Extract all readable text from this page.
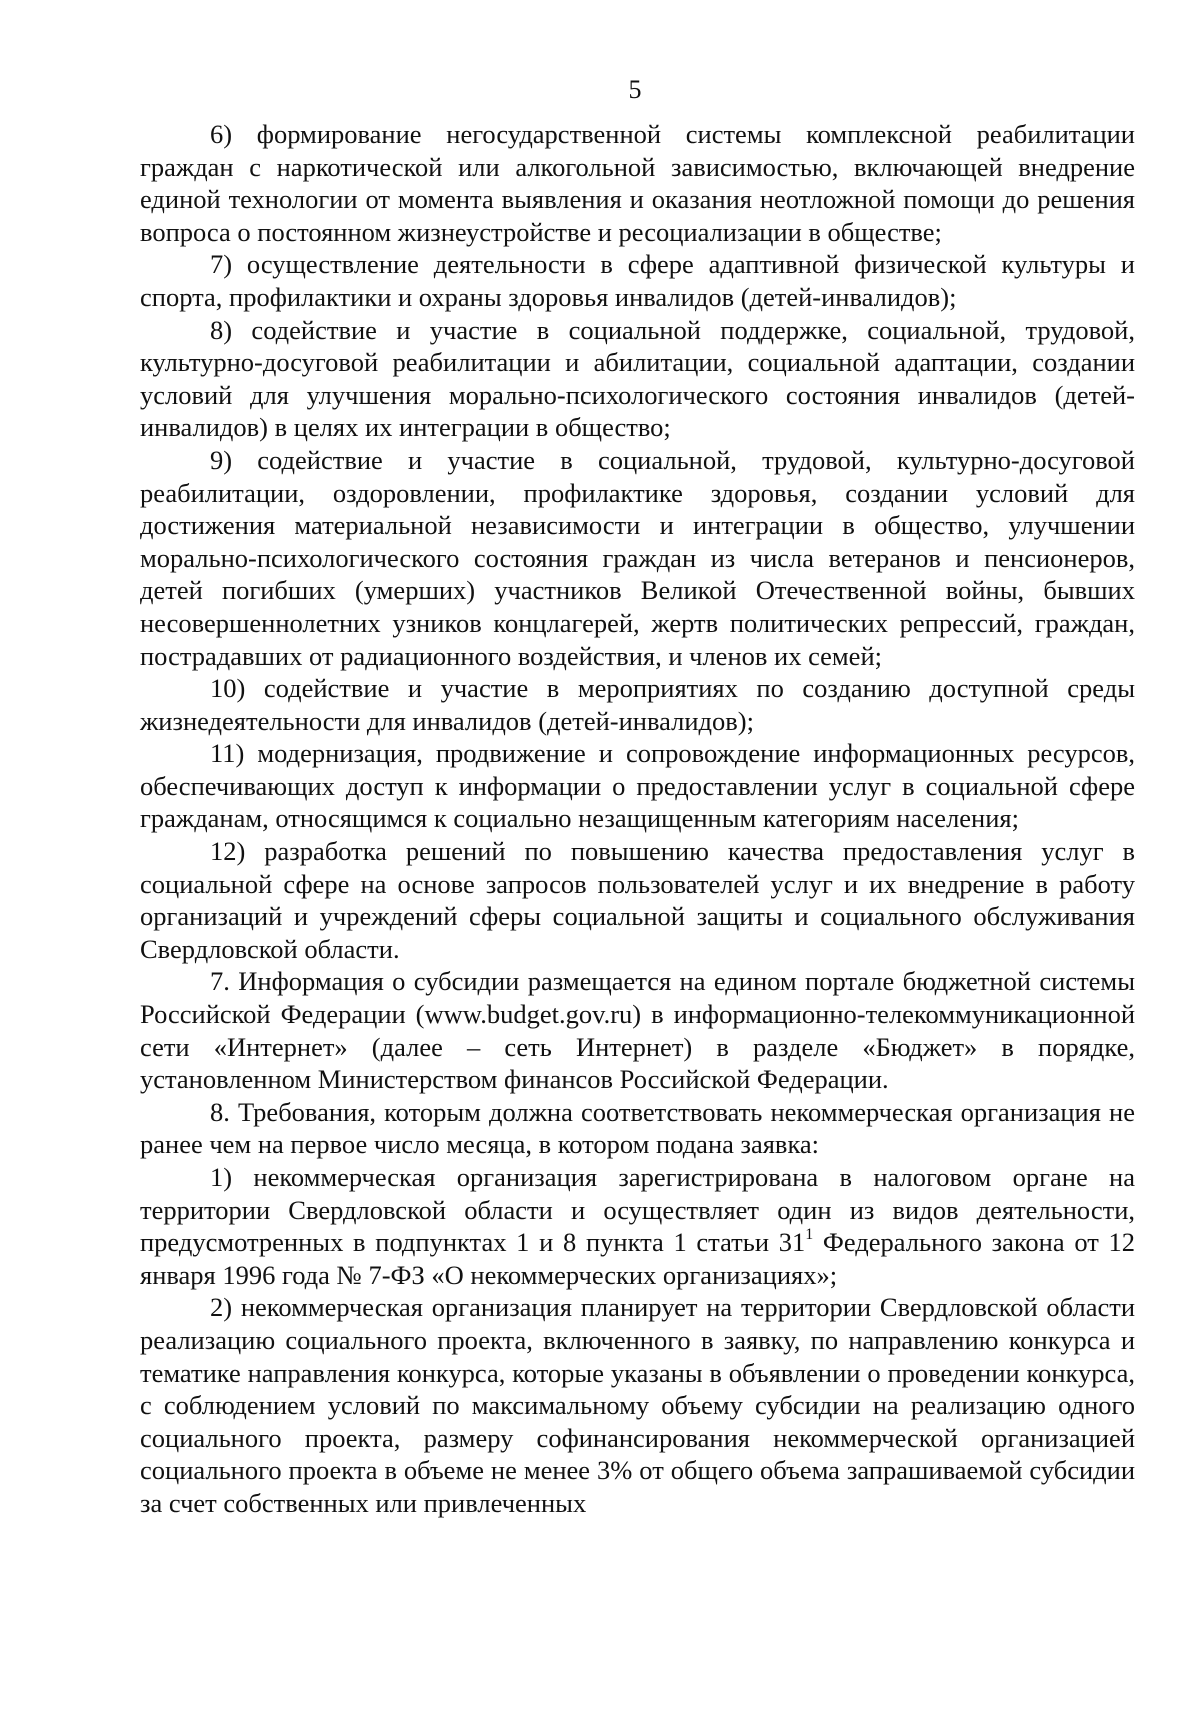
5

6) формирование негосударственной системы комплексной реабилитации граждан с наркотической или алкогольной зависимостью, включающей внедрение единой технологии от момента выявления и оказания неотложной помощи до решения вопроса о постоянном жизнеустройстве и ресоциализации в обществе;

7) осуществление деятельности в сфере адаптивной физической культуры и спорта, профилактики и охраны здоровья инвалидов (детей-инвалидов);

8) содействие и участие в социальной поддержке, социальной, трудовой, культурно-досуговой реабилитации и абилитации, социальной адаптации, создании условий для улучшения морально-психологического состояния инвалидов (детей-инвалидов) в целях их интеграции в общество;

9) содействие и участие в социальной, трудовой, культурно-досуговой реабилитации, оздоровлении, профилактике здоровья, создании условий для достижения материальной независимости и интеграции в общество, улучшении морально-психологического состояния граждан из числа ветеранов и пенсионеров, детей погибших (умерших) участников Великой Отечественной войны, бывших несовершеннолетних узников концлагерей, жертв политических репрессий, граждан, пострадавших от радиационного воздействия, и членов их семей;

10) содействие и участие в мероприятиях по созданию доступной среды жизнедеятельности для инвалидов (детей-инвалидов);

11) модернизация, продвижение и сопровождение информационных ресурсов, обеспечивающих доступ к информации о предоставлении услуг в социальной сфере гражданам, относящимся к социально незащищенным категориям населения;

12) разработка решений по повышению качества предоставления услуг в социальной сфере на основе запросов пользователей услуг и их внедрение в работу организаций и учреждений сферы социальной защиты и социального обслуживания Свердловской области.

7. Информация о субсидии размещается на едином портале бюджетной системы Российской Федерации (www.budget.gov.ru) в информационно-телекоммуникационной сети «Интернет» (далее – сеть Интернет) в разделе «Бюджет» в порядке, установленном Министерством финансов Российской Федерации.

8. Требования, которым должна соответствовать некоммерческая организация не ранее чем на первое число месяца, в котором подана заявка:

1) некоммерческая организация зарегистрирована в налоговом органе на территории Свердловской области и осуществляет один из видов деятельности, предусмотренных в подпунктах 1 и 8 пункта 1 статьи $31^1$ Федерального закона от 12 января 1996 года № 7-ФЗ «О некоммерческих организациях»;

2) некоммерческая организация планирует на территории Свердловской области реализацию социального проекта, включенного в заявку, по направлению конкурса и тематике направления конкурса, которые указаны в объявлении о проведении конкурса, с соблюдением условий по максимальному объему субсидии на реализацию одного социального проекта, размеру софинансирования некоммерческой организацией социального проекта в объеме не менее 3% от общего объема запрашиваемой субсидии за счет собственных или привлеченных
